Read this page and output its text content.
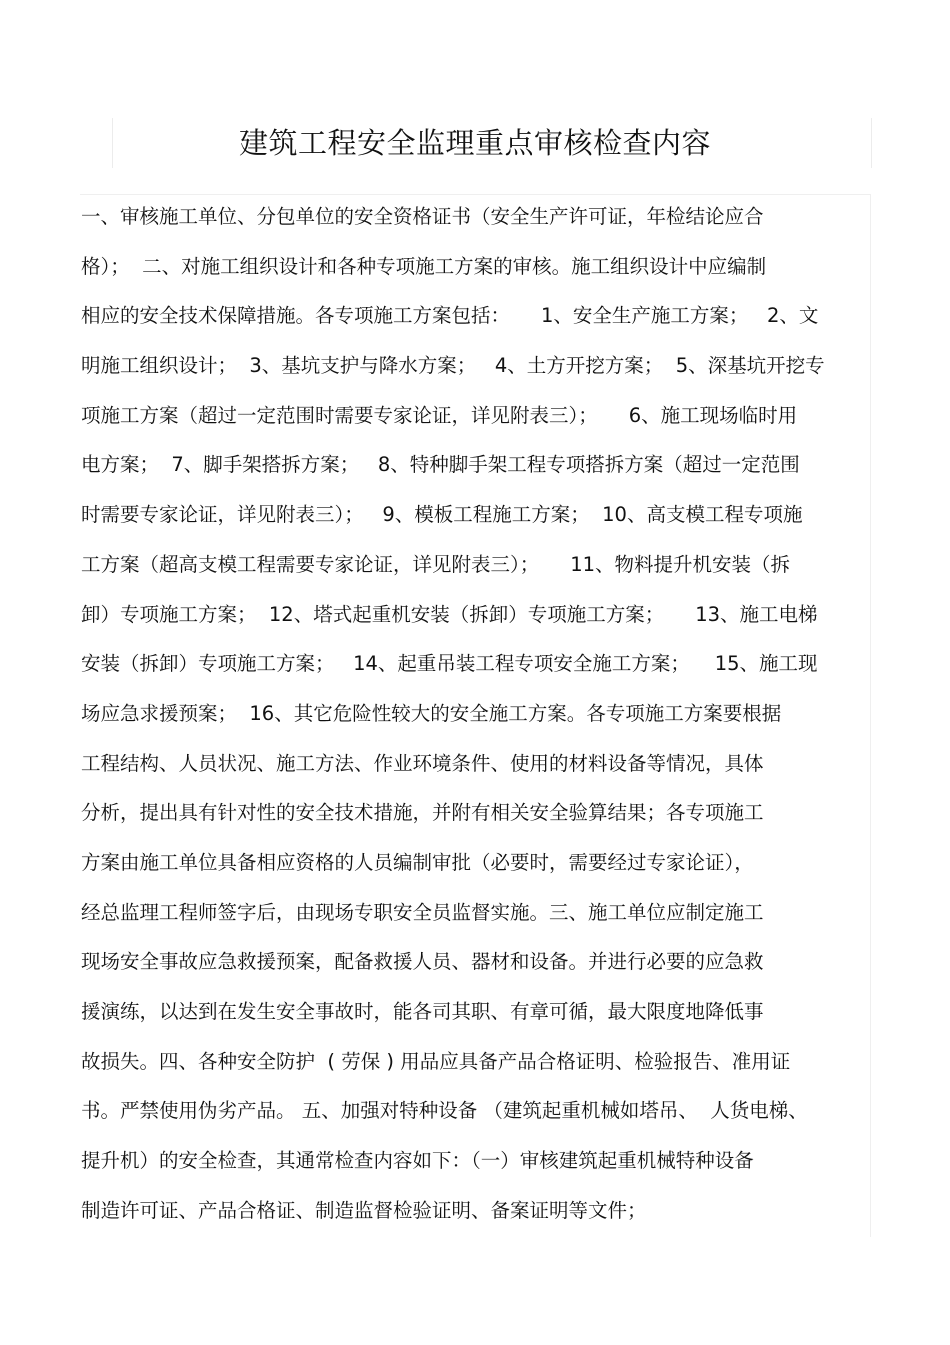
建筑工程安全监理重点审核检查内容
一、审核施工单位、分包单位的安全资格证书（安全生产许可证，年检结论应合
格）；  二、对施工组织设计和各种专项施工方案的审核。施工组织设计中应编制
相应的安全技术保障措施。各专项施工方案包括：     1、安全生产施工方案；   2、文
明施工组织设计；  3、基坑支护与降水方案；   4、土方开挖方案；  5、深基坑开挖专
项施工方案（超过一定范围时需要专家论证，详见附表三）；     6、施工现场临时用
电方案；  7、脚手架搭拆方案；   8、特种脚手架工程专项搭拆方案（超过一定范围
时需要专家论证，详见附表三）；   9、模板工程施工方案；  10、高支模工程专项施
工方案（超高支模工程需要专家论证，详见附表三）；     11、物料提升机安装（拆
卸）专项施工方案；  12、塔式起重机安装（拆卸）专项施工方案；     13、施工电梯
安装（拆卸）专项施工方案；   14、起重吊装工程专项安全施工方案；    15、施工现
场应急求援预案；  16、其它危险性较大的安全施工方案。各专项施工方案要根据
工程结构、人员状况、施工方法、作业环境条件、使用的材料设备等情况，具体
分析，提出具有针对性的安全技术措施，并附有相关安全验算结果；各专项施工
方案由施工单位具备相应资格的人员编制审批（必要时，需要经过专家论证），
经总监理工程师签字后，由现场专职安全员监督实施。三、施工单位应制定施工
现场安全事故应急救援预案，配备救援人员、器材和设备。并进行必要的应急救
援演练，以达到在发生安全事故时，能各司其职、有章可循，最大限度地降低事
故损失。四、各种安全防护  ( 劳保 ) 用品应具备产品合格证明、检验报告、准用证
书。严禁使用伪劣产品。 五、加强对特种设备 （建筑起重机械如塔吊、  人货电梯、
提升机）的安全检查，其通常检查内容如下：（一）审核建筑起重机械特种设备
制造许可证、产品合格证、制造监督检验证明、备案证明等文件；
